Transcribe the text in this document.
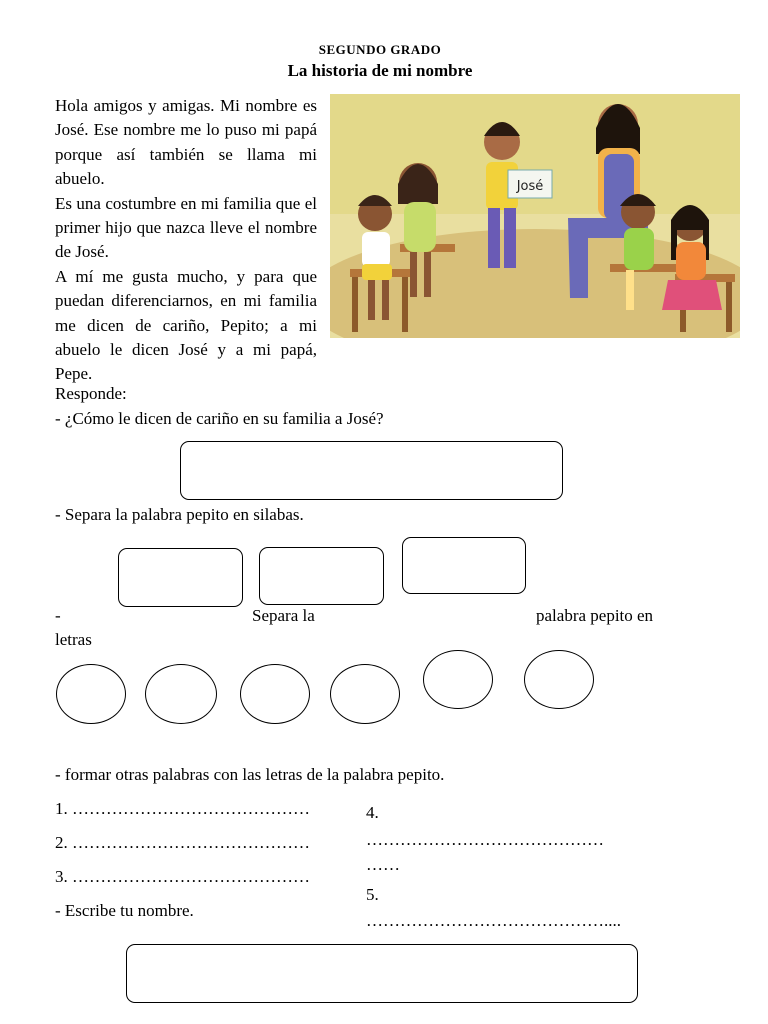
SEGUNDO GRADO
La historia de mi nombre

Hola amigos y amigas. Mi nombre es José. Ese nombre me lo puso mi papá porque así también se llama mi abuelo.

Es una costumbre en mi familia que el primer hijo que nazca lleve el nombre de José.

A mí me gusta mucho, y para que puedan diferenciarnos, en mi familia me dicen de cariño, Pepito; a mi abuelo le dicen José y a mi papá, Pepe.

José
Responde:
- ¿Cómo le dicen de cariño en su familia a José?
- Separa la palabra pepito en silabas.
-	Separa la	palabra pepito en
letras
- formar otras palabras con las letras de la palabra pepito.
1. ……………………………………
2. ……………………………………
3. ……………………………………
4.
……………………………………
……
5.
……………………………………....
- Escribe tu nombre.
